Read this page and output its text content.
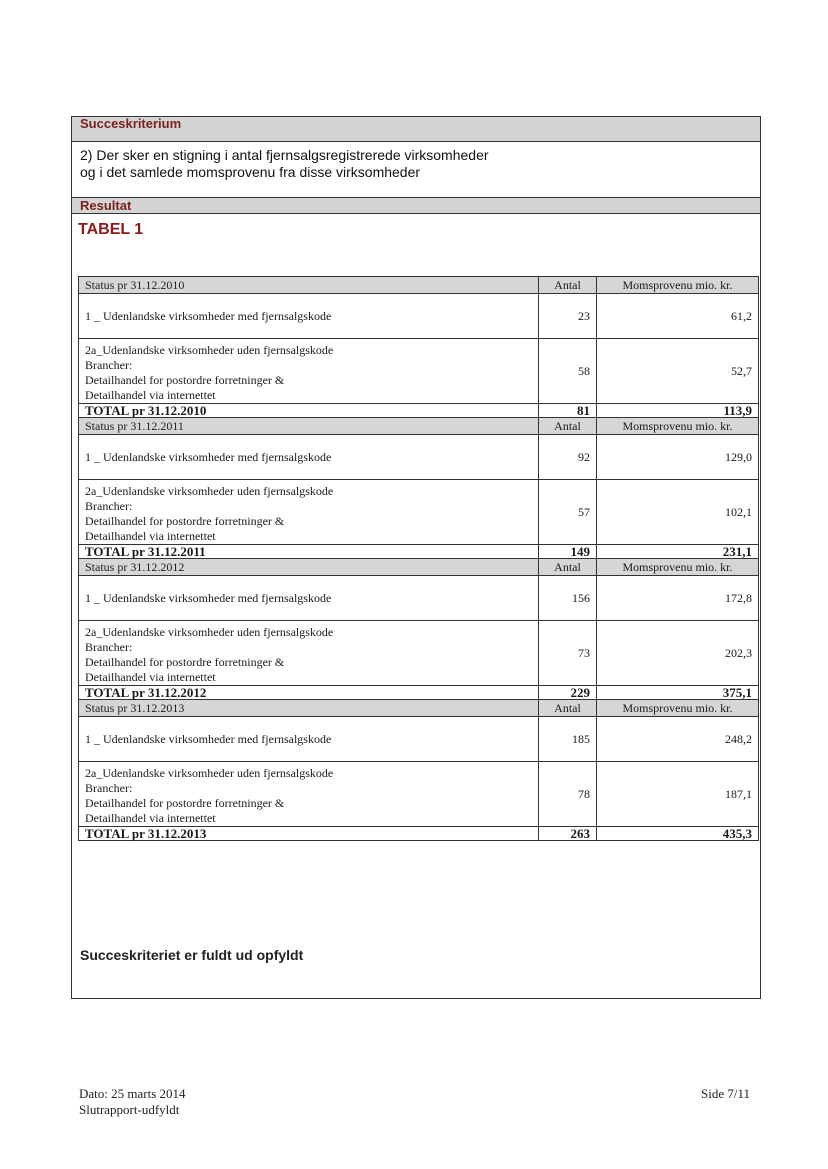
Succeskriterium
2) Der sker en stigning i antal fjernsalgsregistrerede virksomheder
og i det samlede momsprovenu fra disse virksomheder
Resultat
TABEL 1
Succeskriteriet er fuldt ud opfyldt
Status pr 31.12.2010	Antal	Momsprovenu mio. kr.
1 _ Udenlandske virksomheder med fjernsalgskode	23	61,2

2a_Udenlandske virksomheder uden fjernsalgskode
Brancher:
Detailhandel for postordre forretninger &
Detailhandel via internettet	58	52,7
TOTAL pr 31.12.2010	81	113,9
Status pr 31.12.2011	Antal	Momsprovenu mio. kr.
1 _ Udenlandske virksomheder med fjernsalgskode	92	129,0

2a_Udenlandske virksomheder uden fjernsalgskode
Brancher:
Detailhandel for postordre forretninger &
Detailhandel via internettet	57	102,1
TOTAL pr 31.12.2011	149	231,1
Status pr 31.12.2012	Antal	Momsprovenu mio. kr.
1 _ Udenlandske virksomheder med fjernsalgskode	156	172,8

2a_Udenlandske virksomheder uden fjernsalgskode
Brancher:
Detailhandel for postordre forretninger &
Detailhandel via internettet	73	202,3
TOTAL pr 31.12.2012	229	375,1
Status pr 31.12.2013	Antal	Momsprovenu mio. kr.
1 _ Udenlandske virksomheder med fjernsalgskode	185	248,2

2a_Udenlandske virksomheder uden fjernsalgskode
Brancher:
Detailhandel for postordre forretninger &
Detailhandel via internettet	78	187,1
TOTAL pr 31.12.2013	263	435,3
Dato: 25 marts 2014
Slutrapport-udfyldt
Side 7/11
